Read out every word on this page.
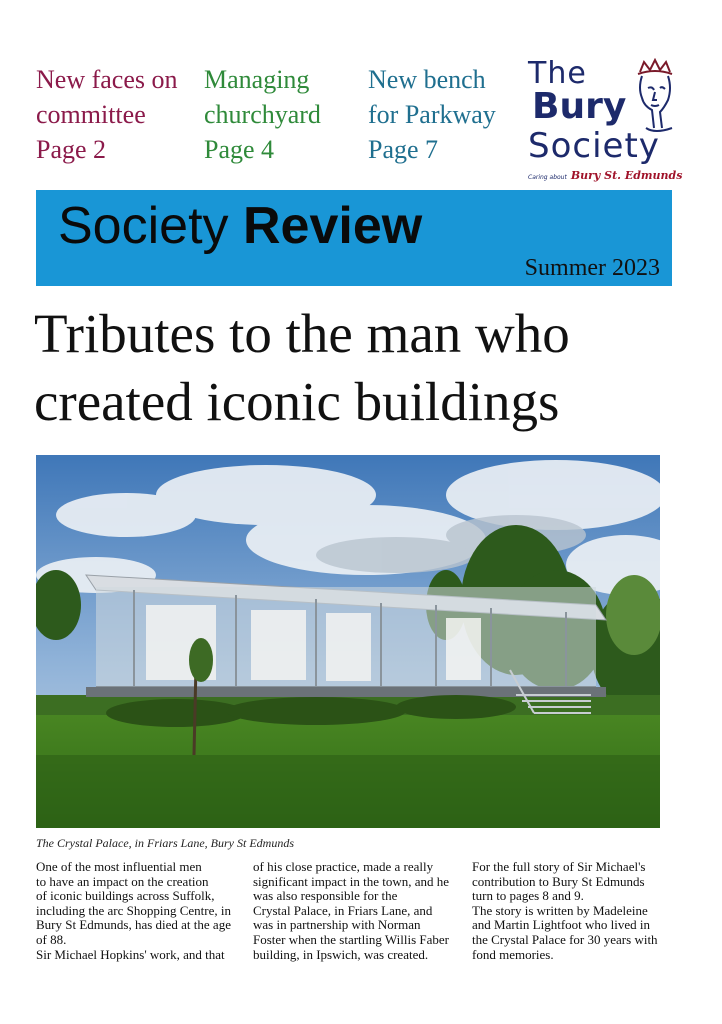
New faces on
committee
Page 2
Managing
churchyard
Page 4
New bench
for Parkway
Page 7
The
Bury
Society
Caring about Bury St. Edmunds
Society Review
Summer 2023
Tributes to the man who
created iconic buildings
The Crystal Palace, in Friars Lane, Bury St Edmunds
One of the most influential men
to have an impact on the creation
of iconic buildings across Suffolk,
including the arc Shopping Centre, in
Bury St Edmunds, has died at the age
of 88.
Sir Michael Hopkins' work, and that
of his close practice, made a really
significant impact in the town, and he
was also responsible for the
Crystal Palace, in Friars Lane, and
was in partnership with Norman
Foster when the startling Willis Faber
building, in Ipswich, was created.
For the full story of Sir Michael's
contribution to Bury St Edmunds
turn to pages 8 and 9.
The story is written by Madeleine
and Martin Lightfoot who lived in
the Crystal Palace for 30 years with
fond memories.
